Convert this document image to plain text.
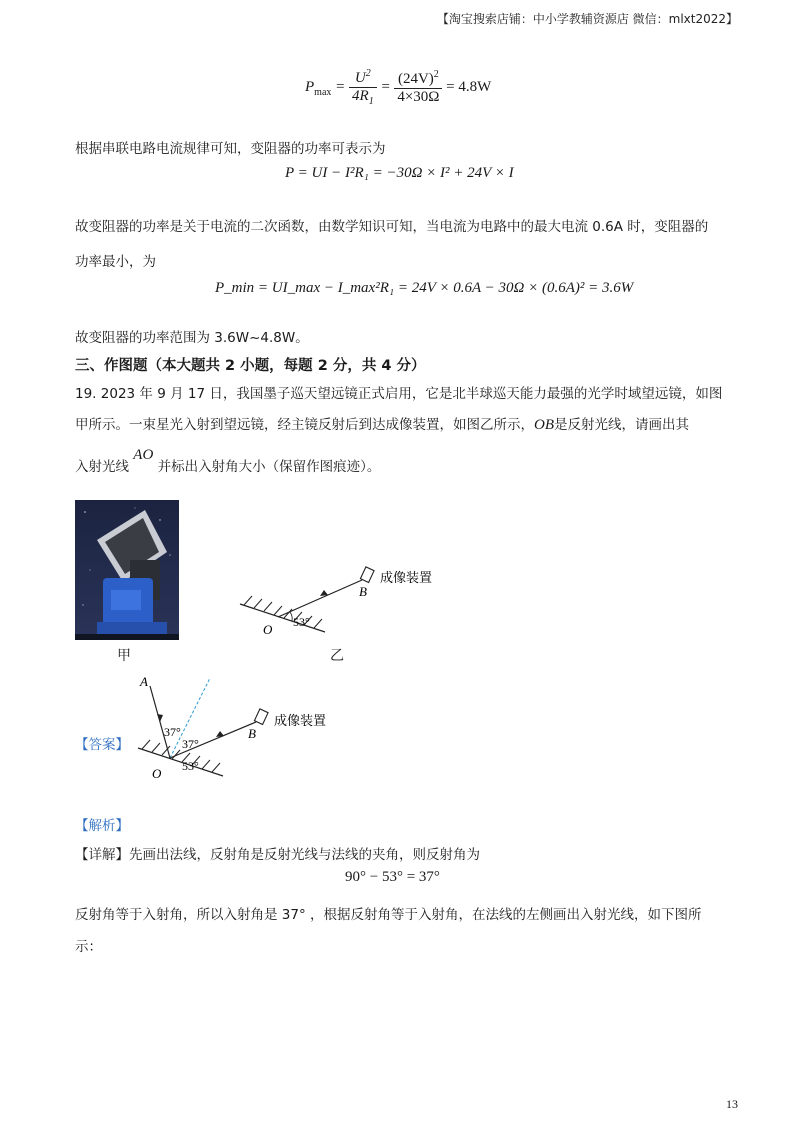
【淘宝搜索店铺：中小学教辅资源店 微信：mlxt2022】
$P_{max} = \frac{U^2}{4R_1} = \frac{(24V)^2}{4\times 30\Omega} = 4.8W$
根据串联电路电流规律可知，变阻器的功率可表示为
P = UI − I²R₁ = −30Ω × I² + 24V × I
故变阻器的功率是关于电流的二次函数，由数学知识可知，当电流为电路中的最大电流 0.6A 时，变阻器的
功率最小，为
P_min = UI_max − I_max²R₁ = 24V × 0.6A − 30Ω × (0.6A)² = 3.6W
故变阻器的功率范围为 3.6W~4.8W。
三、作图题（本大题共 2 小题，每题 2 分，共 4 分）
19. 2023 年 9 月 17 日，我国墨子巡天望远镜正式启用，它是北半球巡天能力最强的光学时域望远镜，如图
甲所示。一束星光入射到望远镜，经主镜反射后到达成像装置，如图乙所示，OB是反射光线，请画出其
入射光线 AO 并标出入射角大小（保留作图痕迹）。
甲
B
O 53°
成像装置
乙
【答案】
A
B
O
37°
37°
53°
成像装置
【解析】
【详解】先画出法线，反射角是反射光线与法线的夹角，则反射角为
90° − 53° = 37°
反射角等于入射角，所以入射角是 37° ，根据反射角等于入射角，在法线的左侧画出入射光线，如下图所
示：
13
